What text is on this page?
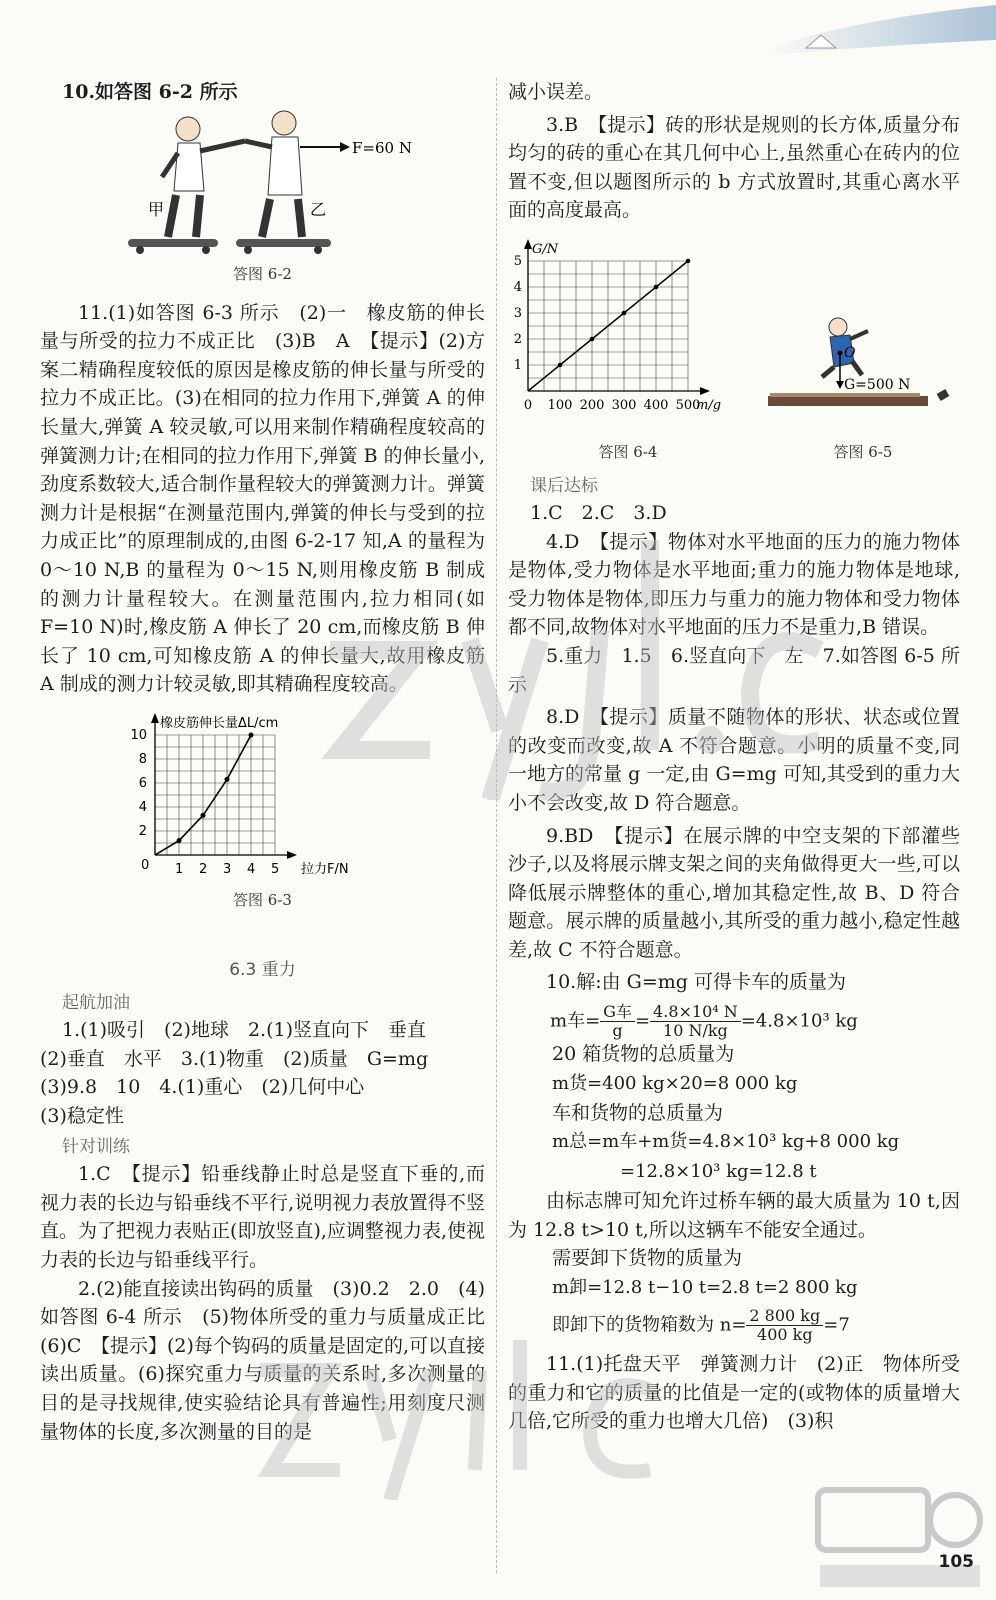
10.如答图 6-2 所示

甲
F=60 N
乙
答图 6-2

11.(1)如答图 6-3 所示　(2)一　橡皮筋的伸长量与所受的拉力不成正比　(3)B　A　【提示】(2)方案二精确程度较低的原因是橡皮筋的伸长量与所受的拉力不成正比。(3)在相同的拉力作用下,弹簧 A 的伸长量大,弹簧 A 较灵敏,可以用来制作精确程度较高的弹簧测力计;在相同的拉力作用下,弹簧 B 的伸长量小,劲度系数较大,适合制作量程较大的弹簧测力计。弹簧测力计是根据“在测量范围内,弹簧的伸长与受到的拉力成正比”的原理制成的,由图 6-2-17 知,A 的量程为 0～10 N,B 的量程为 0～15 N,则用橡皮筋 B 制成的测力计量程较大。在测量范围内,拉力相同(如 F=10 N)时,橡皮筋 A 伸长了 20 cm,而橡皮筋 B 伸长了 10 cm,可知橡皮筋 A 的伸长量大,故用橡皮筋 A 制成的测力计较灵敏,即其精确程度较高。

1 2 3 4 5
2
4
6
8
10
0	拉力F/N
橡皮筋伸长量ΔL/cm
答图 6-3
6.3 重力
起航加油

1.(1)吸引　(2)地球　2.(1)竖直向下　垂直

(2)垂直　水平　3.(1)物重　(2)质量　G=mg

(3)9.8　10　4.(1)重心　(2)几何中心

(3)稳定性

针对训练

1.C　【提示】铅垂线静止时总是竖直下垂的,而视力表的长边与铅垂线不平行,说明视力表放置得不竖直。为了把视力表贴正(即放竖直),应调整视力表,使视力表的长边与铅垂线平行。

2.(2)能直接读出钩码的质量　(3)0.2　2.0　(4)如答图 6-4 所示　(5)物体所受的重力与质量成正比　(6)C　【提示】(2)每个钩码的质量是固定的,可以直接读出质量。(6)探究重力与质量的关系时,多次测量的目的是寻找规律,使实验结论具有普遍性;用刻度尺测量物体的长度,多次测量的目的是

减小误差。

3.B　【提示】砖的形状是规则的长方体,质量分布均匀的砖的重心在其几何中心上,虽然重心在砖内的位置不变,但以题图所示的 b 方式放置时,其重心离水平面的高度最高。

0 100 200 300 400 500
1
2
3
4
5
m/g
G/N
答图 6-4
O
G=500 N
答图 6-5
课后达标

1.C　2.C　3.D

4.D　【提示】物体对水平地面的压力的施力物体是物体,受力物体是水平地面;重力的施力物体是地球,受力物体是物体,即压力与重力的施力物体和受力物体都不同,故物体对水平地面的压力不是重力,B 错误。

5.重力　1.5　6.竖直向下　左　7.如答图 6-5 所示

8.D　【提示】质量不随物体的形状、状态或位置的改变而改变,故 A 不符合题意。小明的质量不变,同一地方的常量 g 一定,由 G=mg 可知,其受到的重力大小不会改变,故 D 符合题意。

9.BD　【提示】在展示牌的中空支架的下部灌些沙子,以及将展示牌支架之间的夹角做得更大一些,可以降低展示牌整体的重心,增加其稳定性,故 B、D 符合题意。展示牌的质量越小,其所受的重力越小,稳定性越差,故 C 不符合题意。

10.解:由 G=mg 可得卡车的质量为

m车= $\frac{\text{G车}}{g} = \frac{\text{4.8×10⁴ N}}{10 N/kg} =4.8\times 10^3$ kg

20 箱货物的总质量为

m货=400 kg×20=8 000 kg

车和货物的总质量为

m总=m车+m货=4.8×10³ kg+8 000 kg

=12.8×10³ kg=12.8 t

由标志牌可知允许过桥车辆的最大质量为 10 t,因为 12.8 t>10 t,所以这辆车不能安全通过。

需要卸下货物的质量为

m卸=12.8 t−10 t=2.8 t=2 800 kg

即卸下的货物箱数为 $n= \frac{2 800 kg}{400 kg} =7$

11.(1)托盘天平　弹簧测力计　(2)正　物体所受的重力和它的质量的比值是一定的(或物体的质量增大几倍,它所受的重力也增大几倍)　(3)积

105
